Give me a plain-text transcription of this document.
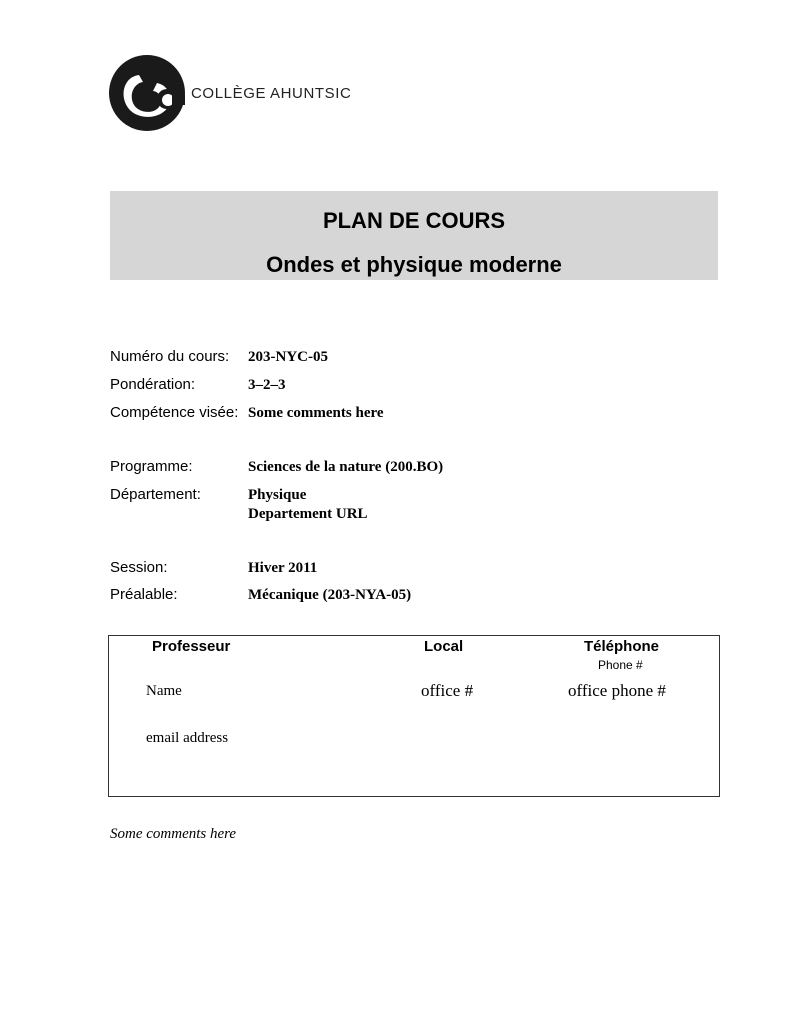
COLLÈGE AHUNTSIC
PLAN DE COURS
Ondes et physique moderne
Numéro du cours: 203-NYC-05
Pondération:	3–2–3
Compétence visée: Some comments here
Programme:	Sciences de la nature (200.BO)
Département:	Physique
Departement URL
Session:	Hiver 2011
Préalable:	Mécanique (203-NYA-05)
Professeur	Local	Téléphone
Phone #
Name	office #	office phone #
email address
Some comments here
